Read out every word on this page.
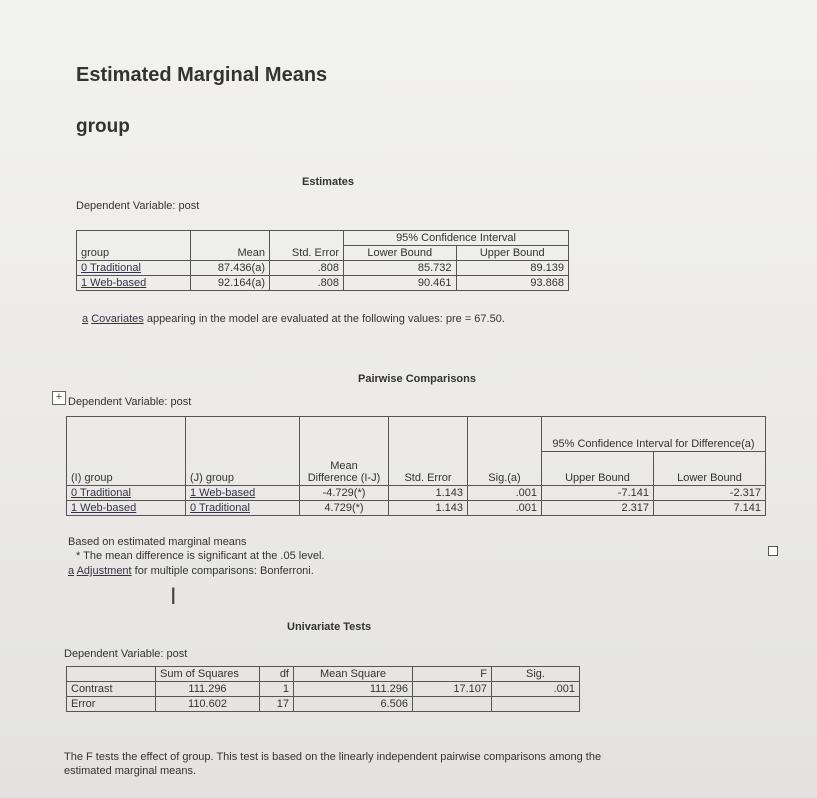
Estimated Marginal Means
group
Estimates
Dependent Variable: post
group	Mean	Std. Error	95% Confidence Interval	
			Lower Bound	Upper Bound
0 Traditional	87.436(a)	.808	85.732	89.139
1 Web-based	92.164(a)	.808	90.461	93.868
a Covariates appearing in the model are evaluated at the following values: pre = 67.50.
Pairwise Comparisons
+ Dependent Variable: post
(I) group	(J) group	Mean Difference (I-J)	Std. Error	Sig.(a)	95% Confidence Interval for Difference(a)	
					Upper Bound	Lower Bound
0 Traditional	1 Web-based	-4.729(*)	1.143	.001	-7.141	-2.317
1 Web-based	0 Traditional	4.729(*)	1.143	.001	2.317	7.141
Based on estimated marginal means
* The mean difference is significant at the .05 level.
a Adjustment for multiple comparisons: Bonferroni.
I
Univariate Tests
Dependent Variable: post
	Sum of Squares	df	Mean Square	F	Sig.
Contrast	111.296	1	111.296	17.107	.001
Error	110.602	17	6.506		
The F tests the effect of group. This test is based on the linearly independent pairwise comparisons among the estimated marginal means.
